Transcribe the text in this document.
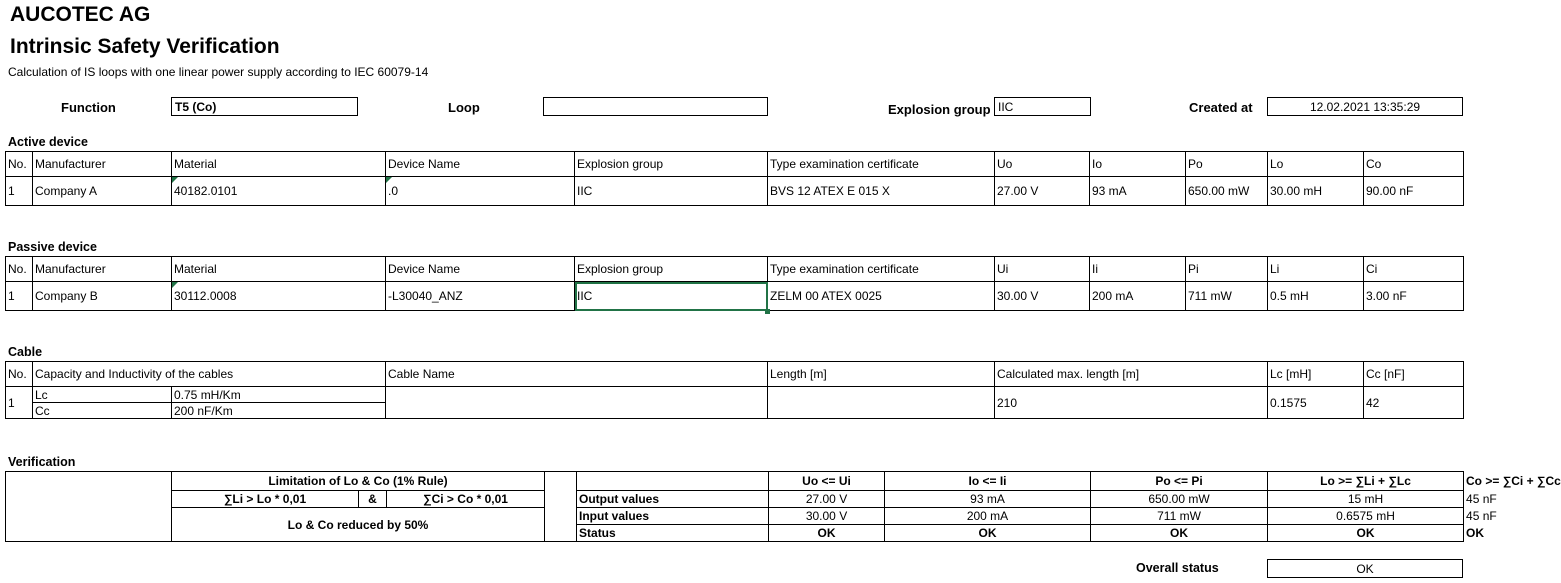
AUCOTEC AG
Intrinsic Safety Verification
Calculation of IS loops with one linear power supply according to IEC 60079-14
Function	T5 (Co)	Loop	Explosion group IIC	Created at	12.02.2021 13:35:29
Active device
No.	Manufacturer	Material	Device Name	Explosion group	Type examination certificate	Uo	Io	Po	Lo	Co
1	Company A	40182.0101	.0	IIC	BVS 12 ATEX E 015 X	27.00 V	93 mA	650.00 mW	30.00 mH	90.00 nF
Passive device
No.	Manufacturer	Material	Device Name	Explosion group	Type examination certificate	Ui	Ii	Pi	Li	Ci
1	Company B	30112.0008	-L30040_ANZ	IIC	ZELM 00 ATEX 0025	30.00 V	200 mA	711 mW	0.5 mH	3.00 nF
Cable
No.	Capacity and Inductivity of the cables		Cable Name	Length [m]	Calculated max. length [m]	Lc [mH]	Cc [nF]
1	Lc	0.75 mH/Km			210	0.1575	42
	Cc	200 nF/Km					
Verification
	Limitation of Lo & Co (1% Rule)					Uo <= Ui	Io <= Ii	Po <= Pi	Lo >= ∑Li + ∑Lc	Co >= ∑Ci + ∑Cc
	∑Li > Lo * 0,01	&	∑Ci > Co * 0,01		Output values	27.00 V	93 mA	650.00 mW	15 mH	45 nF
	Lo & Co reduced by 50%				Input values	30.00 V	200 mA	711 mW	0.6575 mH	45 nF
					Status	OK	OK	OK	OK	OK
Overall status	OK
